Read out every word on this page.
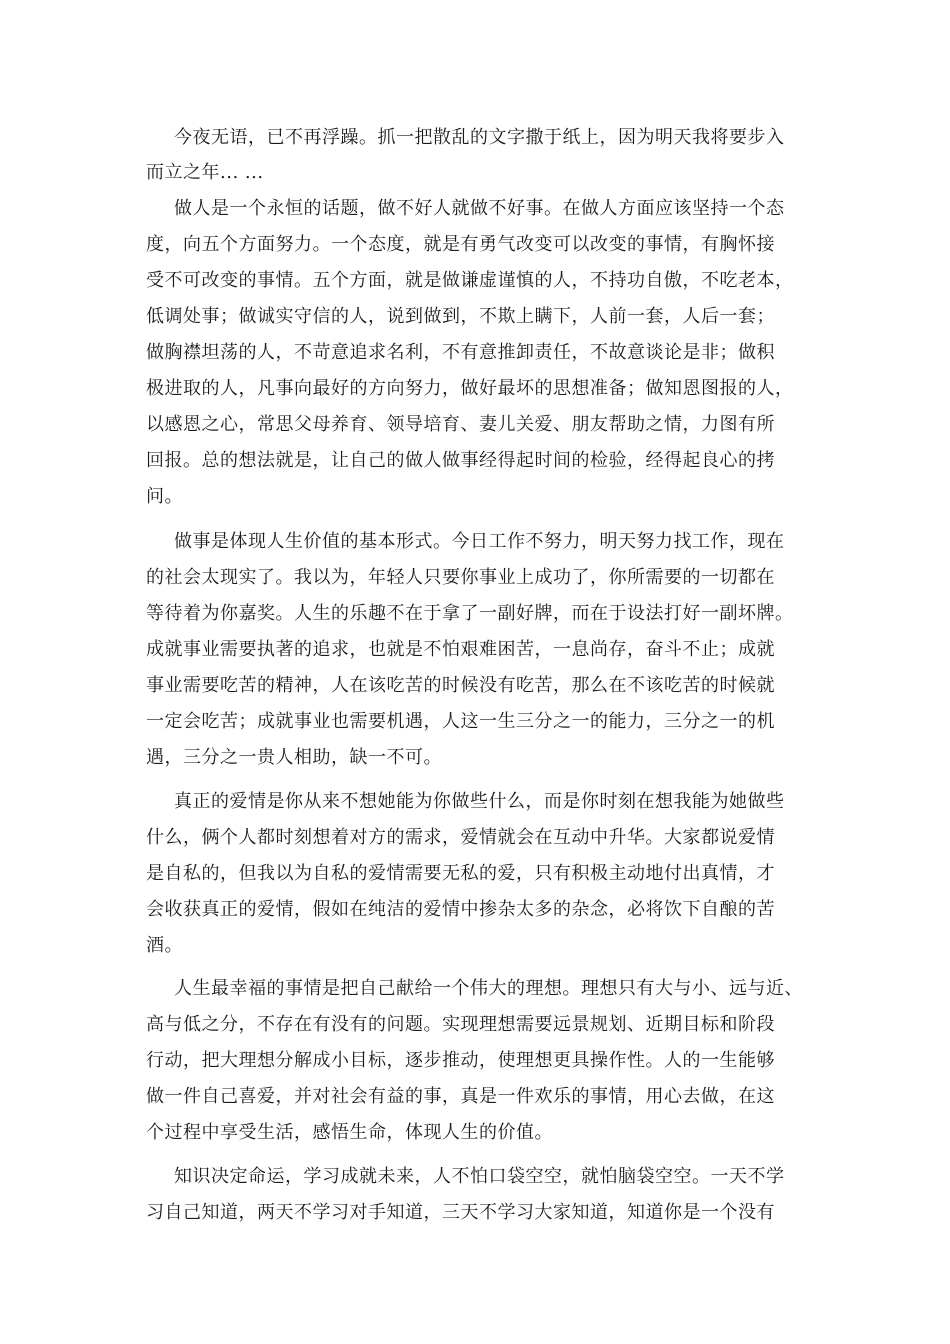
今夜无语，已不再浮躁。抓一把散乱的文字撒于纸上，因为明天我将要步入
而立之年... ...
做人是一个永恒的话题，做不好人就做不好事。在做人方面应该坚持一个态
度，向五个方面努力。一个态度，就是有勇气改变可以改变的事情，有胸怀接
受不可改变的事情。五个方面，就是做谦虚谨慎的人，不持功自傲，不吃老本，
低调处事；做诚实守信的人，说到做到，不欺上瞒下，人前一套，人后一套；
做胸襟坦荡的人，不苛意追求名利，不有意推卸责任，不故意谈论是非；做积
极进取的人，凡事向最好的方向努力，做好最坏的思想准备；做知恩图报的人，
以感恩之心，常思父母养育、领导培育、妻儿关爱、朋友帮助之情，力图有所
回报。总的想法就是，让自己的做人做事经得起时间的检验，经得起良心的拷
问。
做事是体现人生价值的基本形式。今日工作不努力，明天努力找工作，现在
的社会太现实了。我以为，年轻人只要你事业上成功了，你所需要的一切都在
等待着为你嘉奖。人生的乐趣不在于拿了一副好牌，而在于设法打好一副坏牌。
成就事业需要执著的追求，也就是不怕艰难困苦，一息尚存，奋斗不止；成就
事业需要吃苦的精神，人在该吃苦的时候没有吃苦，那么在不该吃苦的时候就
一定会吃苦；成就事业也需要机遇，人这一生三分之一的能力，三分之一的机
遇，三分之一贵人相助，缺一不可。
真正的爱情是你从来不想她能为你做些什么，而是你时刻在想我能为她做些
什么，俩个人都时刻想着对方的需求，爱情就会在互动中升华。大家都说爱情
是自私的，但我以为自私的爱情需要无私的爱，只有积极主动地付出真情，才
会收获真正的爱情，假如在纯洁的爱情中掺杂太多的杂念，必将饮下自酿的苦
酒。
人生最幸福的事情是把自己献给一个伟大的理想。理想只有大与小、远与近、
高与低之分，不存在有没有的问题。实现理想需要远景规划、近期目标和阶段
行动，把大理想分解成小目标，逐步推动，使理想更具操作性。人的一生能够
做一件自己喜爱，并对社会有益的事，真是一件欢乐的事情，用心去做，在这
个过程中享受生活，感悟生命，体现人生的价值。
知识决定命运，学习成就未来，人不怕口袋空空，就怕脑袋空空。一天不学
习自己知道，两天不学习对手知道，三天不学习大家知道，知道你是一个没有
